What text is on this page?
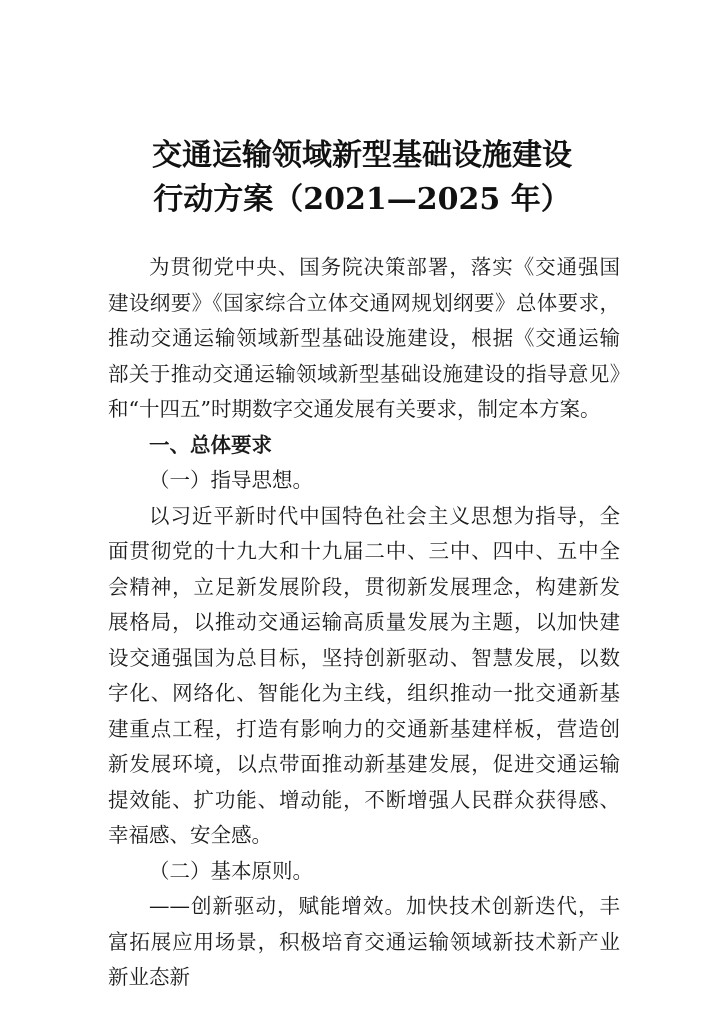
交通运输领域新型基础设施建设
行动方案（2021—2025 年）

为贯彻党中央、国务院决策部署，落实《交通强国建设纲要》《国家综合立体交通网规划纲要》总体要求，推动交通运输领域新型基础设施建设，根据《交通运输部关于推动交通运输领域新型基础设施建设的指导意见》和“十四五”时期数字交通发展有关要求，制定本方案。

一、总体要求

（一）指导思想。

以习近平新时代中国特色社会主义思想为指导，全面贯彻党的十九大和十九届二中、三中、四中、五中全会精神，立足新发展阶段，贯彻新发展理念，构建新发展格局，以推动交通运输高质量发展为主题，以加快建设交通强国为总目标，坚持创新驱动、智慧发展，以数字化、网络化、智能化为主线，组织推动一批交通新基建重点工程，打造有影响力的交通新基建样板，营造创新发展环境，以点带面推动新基建发展，促进交通运输提效能、扩功能、增动能，不断增强人民群众获得感、幸福感、安全感。

（二）基本原则。

——创新驱动，赋能增效。加快技术创新迭代，丰富拓展应用场景，积极培育交通运输领域新技术新产业新业态新
